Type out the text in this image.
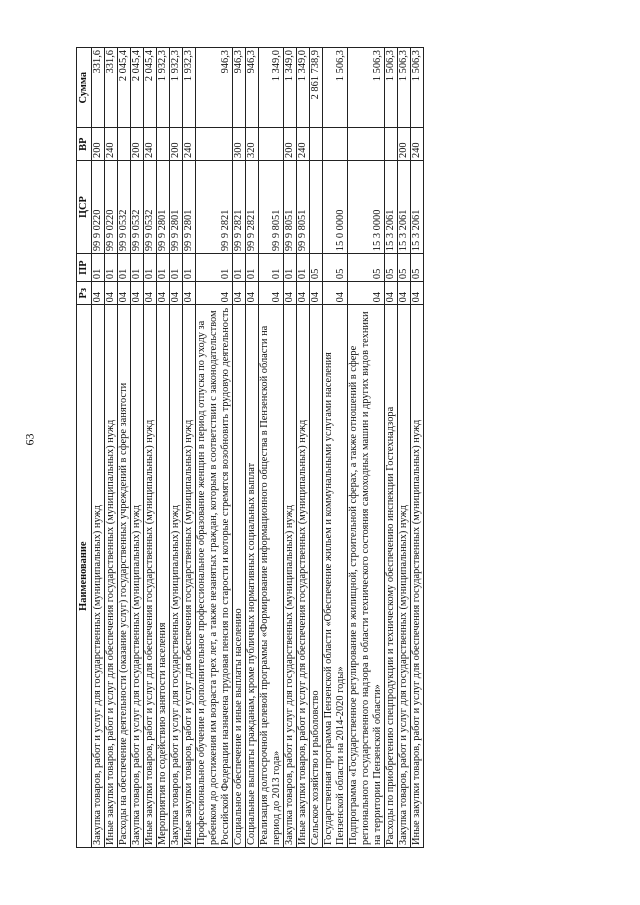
63
Наименование	Рз	ПР	ЦСР	ВР	Сумма
Закупка товаров, работ и услуг для государственных (муниципальных) нужд	04	01	99 9 0220	200	331,6
Иные закупки товаров, работ и услуг для обеспечения государственных (муниципальных) нужд	04	01	99 9 0220	240	331,6
Расходы на обеспечение деятельности (оказание услуг) государственных учреждений в сфере занятости	04	01	99 9 0532		2 045,4
Закупка товаров, работ и услуг для государственных (муниципальных) нужд	04	01	99 9 0532	200	2 045,4
Иные закупки товаров, работ и услуг для обеспечения государственных (муниципальных) нужд	04	01	99 9 0532	240	2 045,4
Мероприятия по содействию занятости населения	04	01	99 9 2801		1 932,3
Закупка товаров, работ и услуг для государственных (муниципальных) нужд	04	01	99 9 2801	200	1 932,3
Иные закупки товаров, работ и услуг для обеспечения государственных (муниципальных) нужд	04	01	99 9 2801	240	1 932,3
Профессиональное обучение и дополнительное профессиональное образование женщин в период отпуска по уходу за ребенком до достижения им возраста трех лет, а также незанятых граждан, которым в соответствии с законодательством Российской Федерации назначена трудовая пенсия по старости и которые стремятся возобновить трудовую деятельность	04	01	99 9 2821		946,3
Социальное обеспечение и иные выплаты населению	04	01	99 9 2821	300	946,3
Социальные выплаты гражданам, кроме публичных нормативных социальных выплат	04	01	99 9 2821	320	946,3
Реализация долгосрочной целевой программы «Формирование информационного общества в Пензенской области на период до 2013 года»	04	01	99 9 8051		1 349,0
Закупка товаров, работ и услуг для государственных (муниципальных) нужд	04	01	99 9 8051	200	1 349,0
Иные закупки товаров, работ и услуг для обеспечения государственных (муниципальных) нужд	04	01	99 9 8051	240	1 349,0
Сельское хозяйство и рыболовство	04	05			2 861 738,9
Государственная программа Пензенской области «Обеспечение жильем и коммунальными услугами населения Пензенской области на 2014-2020 годы»	04	05	15 0 0000		1 506,3
Подпрограмма «Государственное регулирование в жилищной, строительной сферах, а также отношений в сфере регионального государственного надзора в области технического состояния самоходных машин и других видов техники на территории Пензенской области»	04	05	15 3 0000		1 506,3
Расходы по приобретению спецпродукции и техническому обеспечению инспекции Гостехнадзора	04	05	15 3 2061		1 506,3
Закупка товаров, работ и услуг для государственных (муниципальных) нужд	04	05	15 3 2061	200	1 506,3
Иные закупки товаров, работ и услуг для обеспечения государственных (муниципальных) нужд	04	05	15 3 2061	240	1 506,3
